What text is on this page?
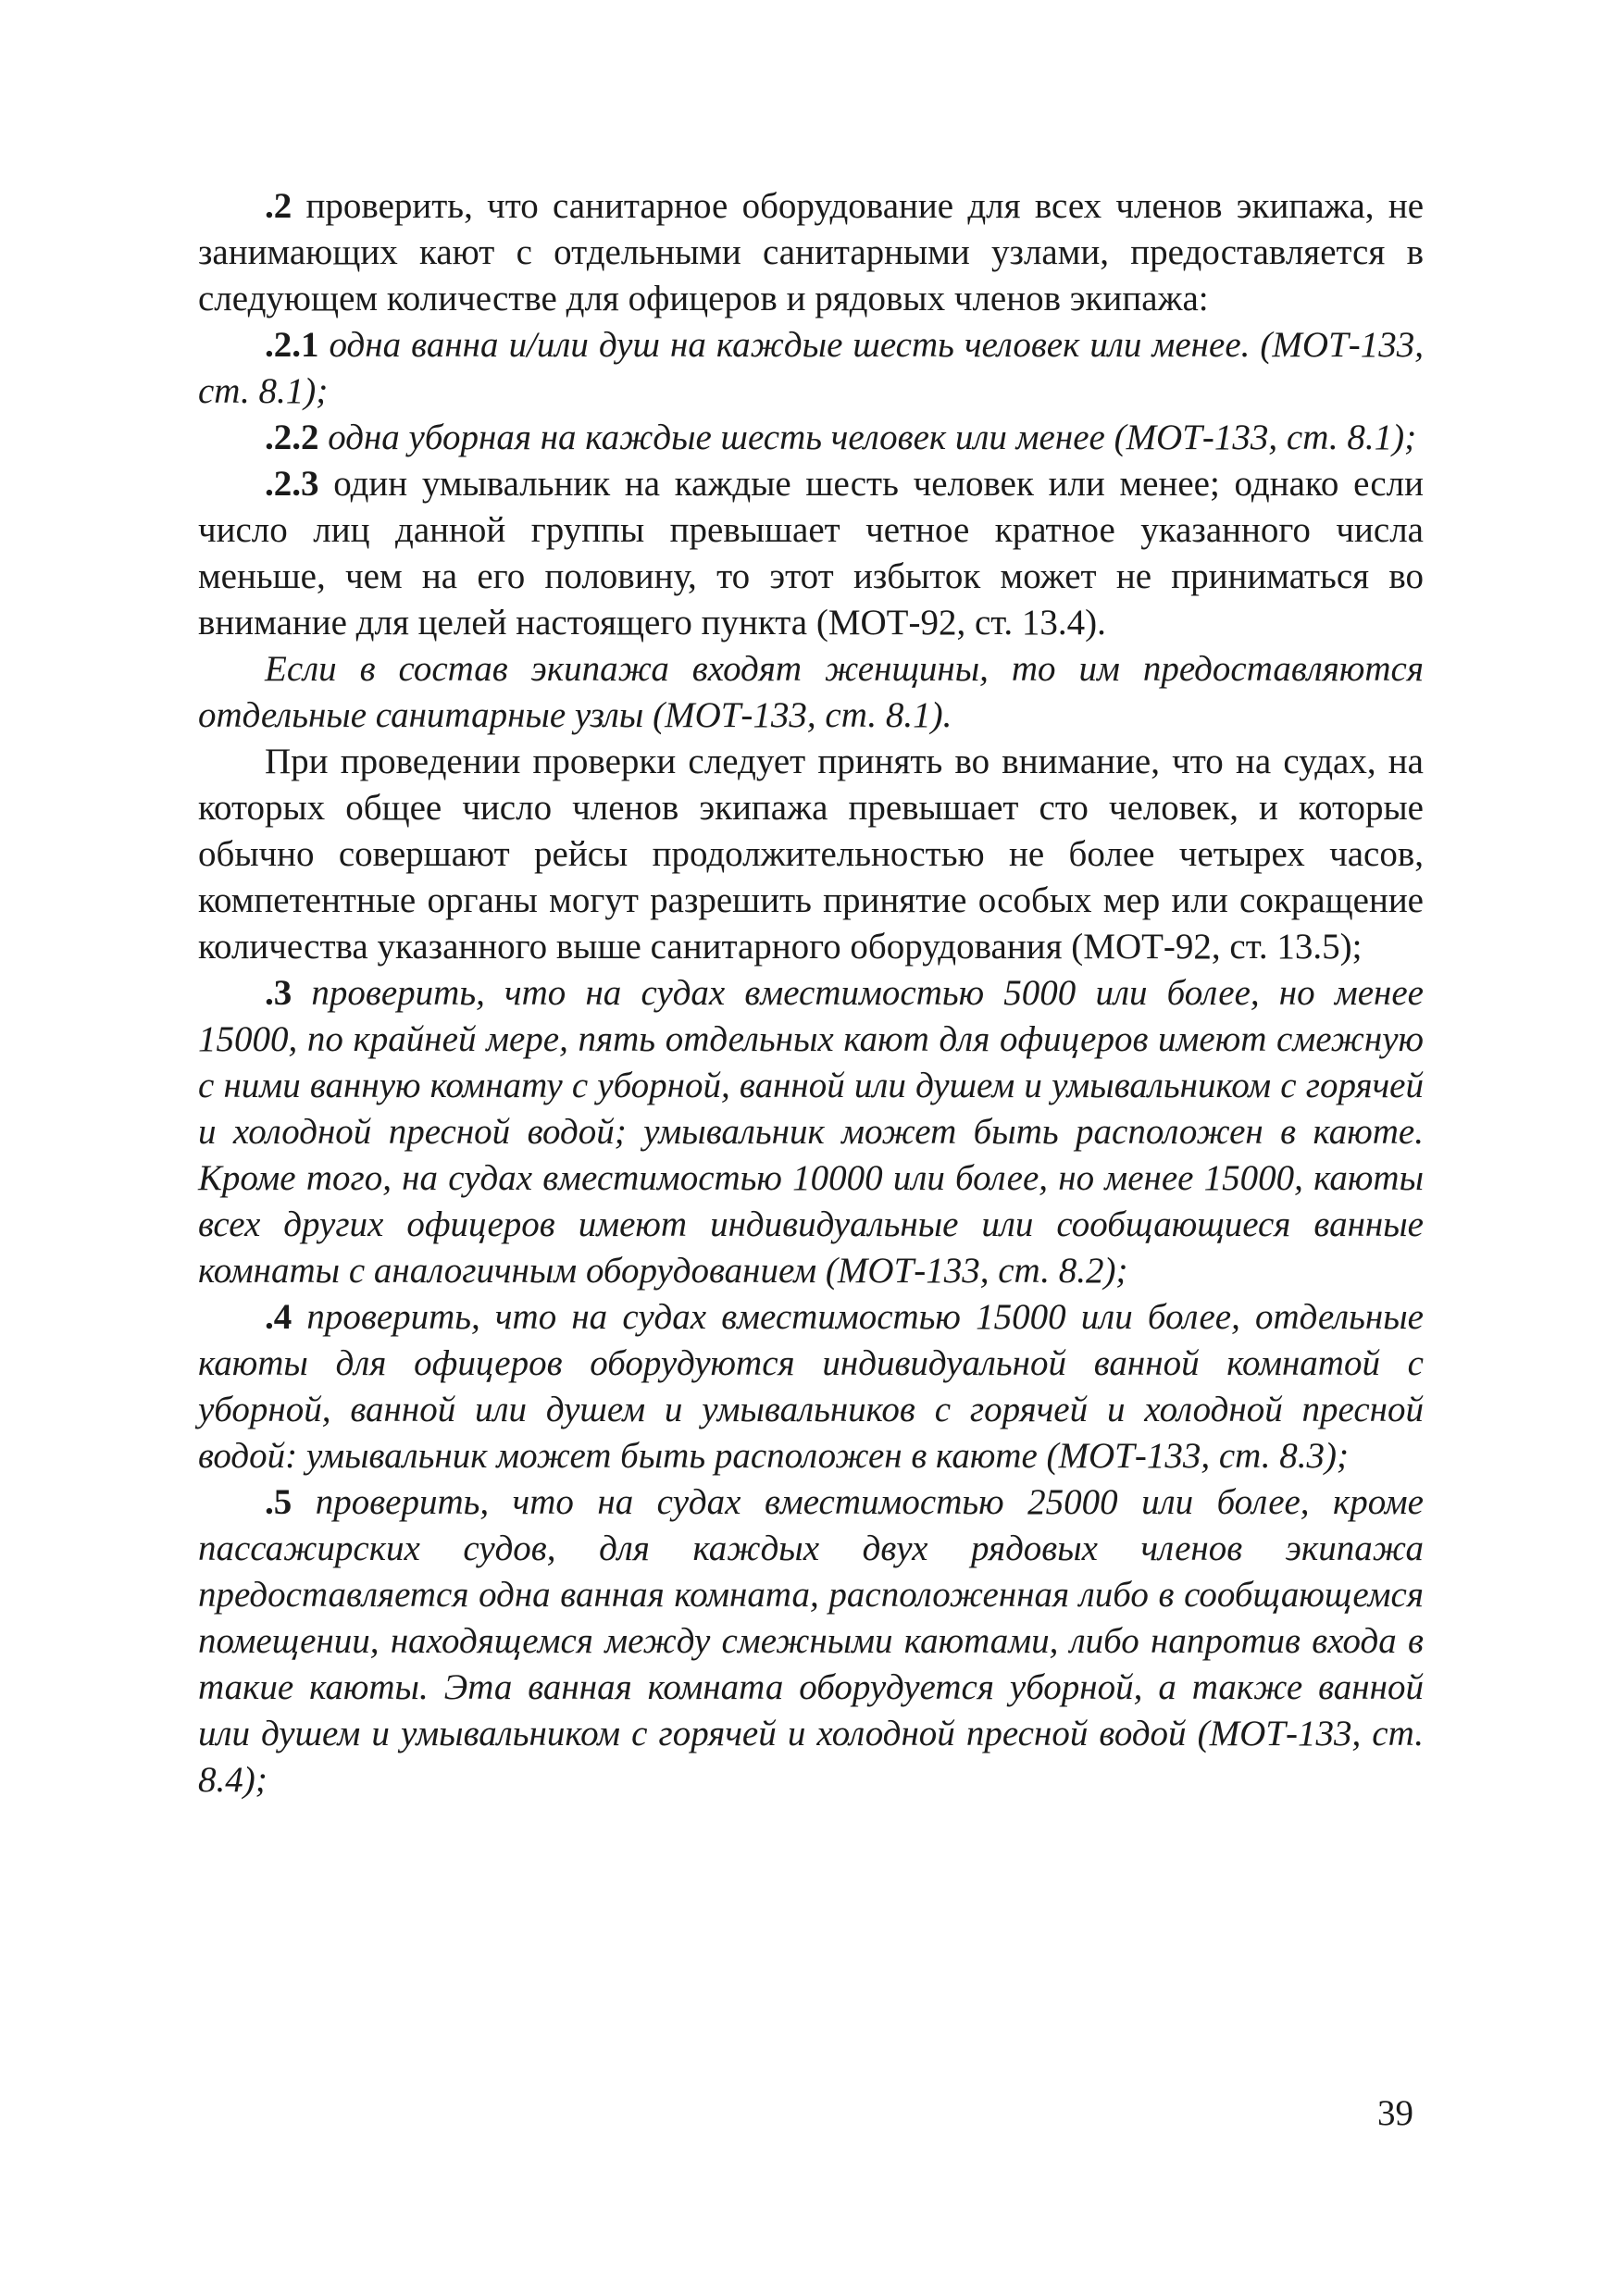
.2 проверить, что санитарное оборудование для всех членов экипажа, не занимающих кают с отдельными санитарными узлами, предоставляется в следующем количестве для офицеров и рядовых членов экипажа:

.2.1 одна ванна и/или душ на каждые шесть человек или менее. (МОТ-133, ст. 8.1);

.2.2 одна уборная на каждые шесть человек или менее (МОТ-133, ст. 8.1);

.2.3 один умывальник на каждые шесть человек или менее; однако если число лиц данной группы превышает четное кратное указанного числа меньше, чем на его половину, то этот избыток может не приниматься во внимание для целей настоящего пункта (МОТ-92, ст. 13.4).

Если в состав экипажа входят женщины, то им предоставляются отдельные санитарные узлы (МОТ-133, ст. 8.1).

При проведении проверки следует принять во внимание, что на судах, на которых общее число членов экипажа превышает сто человек, и которые обычно совершают рейсы продолжительностью не более четырех часов, компетентные органы могут разрешить принятие особых мер или сокращение количества указанного выше санитарного оборудования (МОТ-92, ст. 13.5);

.3 проверить, что на судах вместимостью 5000 или более, но менее 15000, по крайней мере, пять отдельных кают для офицеров имеют смежную с ними ванную комнату с уборной, ванной или душем и умывальником с горячей и холодной пресной водой; умывальник может быть расположен в каюте. Кроме того, на судах вместимостью 10000 или более, но менее 15000, каюты всех других офицеров имеют индивидуальные или сообщающиеся ванные комнаты с аналогичным оборудованием (МОТ-133, ст. 8.2);

.4 проверить, что на судах вместимостью 15000 или более, отдельные каюты для офицеров оборудуются индивидуальной ванной комнатой с уборной, ванной или душем и умывальников с горячей и холодной пресной водой: умывальник может быть расположен в каюте (МОТ-133, ст. 8.3);

.5 проверить, что на судах вместимостью 25000 или более, кроме пассажирских судов, для каждых двух рядовых членов экипажа предоставляется одна ванная комната, расположенная либо в сообщающемся помещении, находящемся между смежными каютами, либо напротив входа в такие каюты. Эта ванная комната оборудуется уборной, а также ванной или душем и умывальником с горячей и холодной пресной водой (МОТ-133, ст. 8.4);

39
